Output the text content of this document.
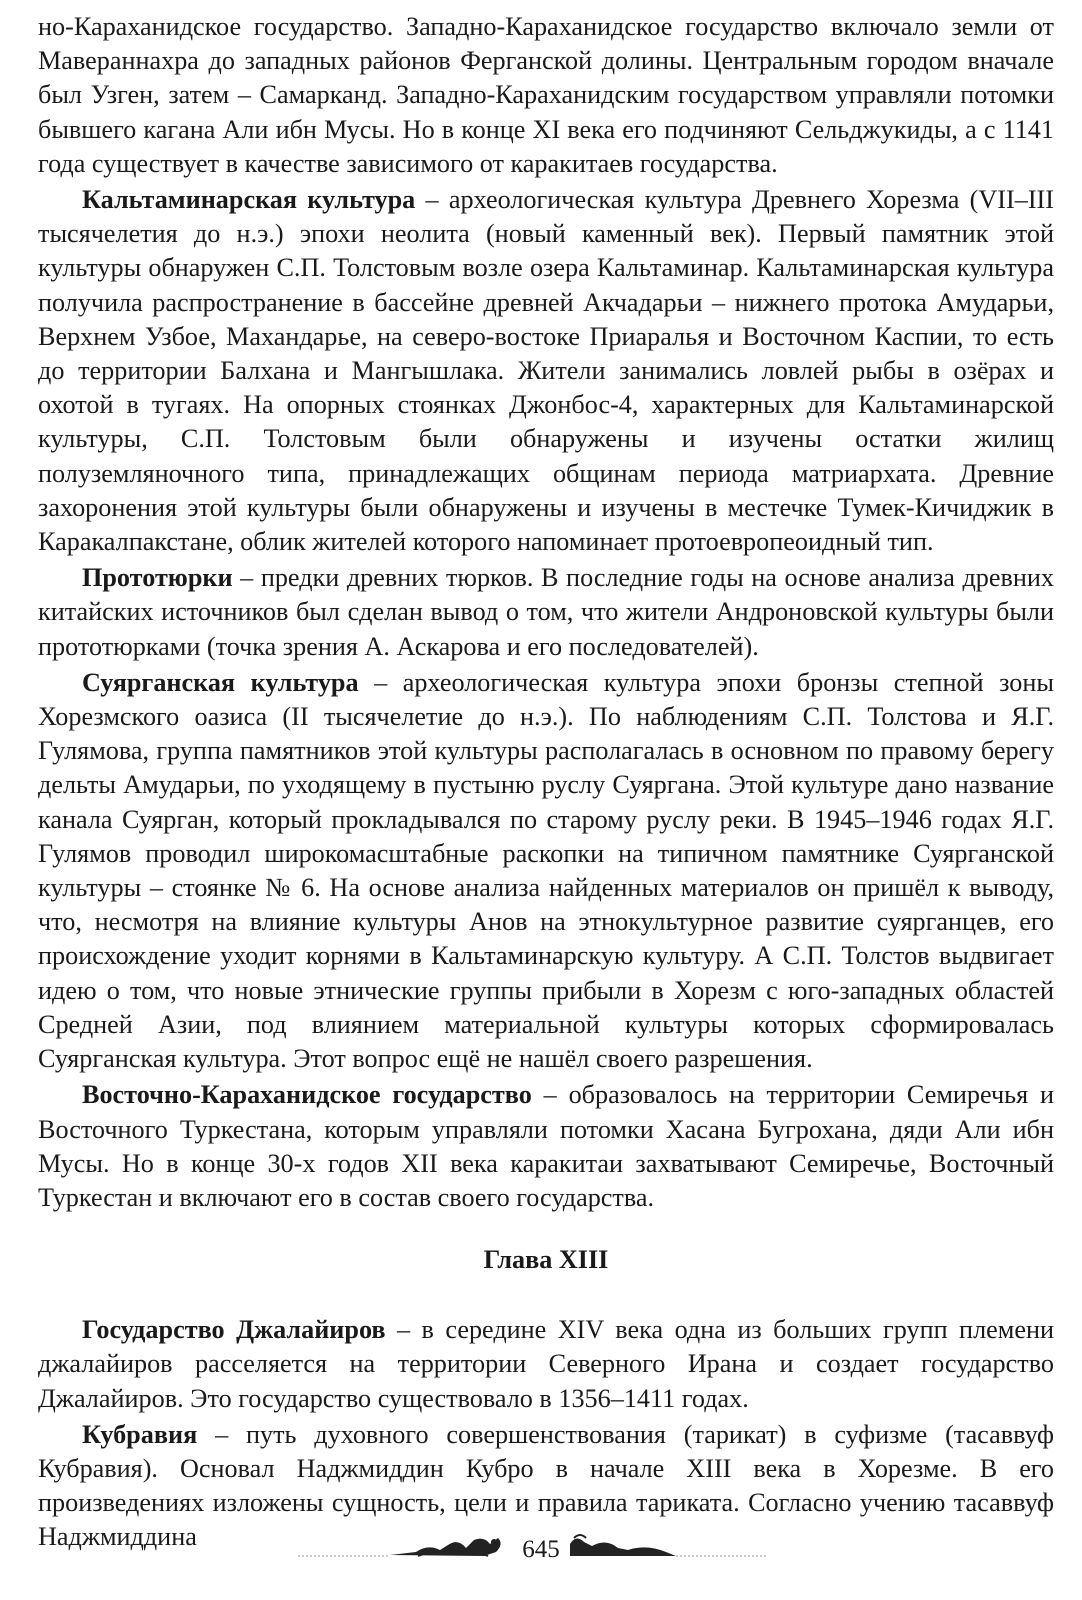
но-Караханидское государство. Западно-Караханидское государство включало земли от Мавераннахра до западных районов Ферганской долины. Центральным городом вначале был Узген, затем – Самарканд. Западно-Караханидским государством управляли потомки бывшего кагана Али ибн Мусы. Но в конце XI века его подчиняют Сельджукиды, а с 1141 года существует в качестве зависимого от каракитаев государства.

Кальтаминарская культура – археологическая культура Древнего Хорезма (VII–III тысячелетия до н.э.) эпохи неолита (новый каменный век). Первый памятник этой культуры обнаружен С.П. Толстовым возле озера Кальтаминар. Кальтаминарская культура получила распространение в бассейне древней Акчадарьи – нижнего протока Амударьи, Верхнем Узбое, Махандарье, на северо-востоке Приаралья и Восточном Каспии, то есть до территории Балхана и Мангышлака. Жители занимались ловлей рыбы в озёрах и охотой в тугаях. На опорных стоянках Джонбос-4, характерных для Кальтаминарской культуры, С.П. Толстовым были обнаружены и изучены остатки жилищ полуземляночного типа, принадлежащих общинам периода матриархата. Древние захоронения этой культуры были обнаружены и изучены в местечке Тумек-Кичиджик в Каракалпакстане, облик жителей которого напоминает протоевропеоидный тип.

Прототюрки – предки древних тюрков. В последние годы на основе анализа древних китайских источников был сделан вывод о том, что жители Андроновской культуры были прототюрками (точка зрения А. Аскарова и его последователей).

Суярганская культура – археологическая культура эпохи бронзы степной зоны Хорезмского оазиса (II тысячелетие до н.э.). По наблюдениям С.П. Толстова и Я.Г. Гулямова, группа памятников этой культуры располагалась в основном по правому берегу дельты Амударьи, по уходящему в пустыню руслу Суяргана. Этой культуре дано название канала Суярган, который прокладывался по старому руслу реки. В 1945–1946 годах Я.Г. Гулямов проводил широкомасштабные раскопки на типичном памятнике Суярганской культуры – стоянке № 6. На основе анализа найденных материалов он пришёл к выводу, что, несмотря на влияние культуры Анов на этнокультурное развитие суярганцев, его происхождение уходит корнями в Кальтаминарскую культуру. А С.П. Толстов выдвигает идею о том, что новые этнические группы прибыли в Хорезм с юго-западных областей Средней Азии, под влиянием материальной культуры которых сформировалась Суярганская культура. Этот вопрос ещё не нашёл своего разрешения.

Восточно-Караханидское государство – образовалось на территории Семиречья и Восточного Туркестана, которым управляли потомки Хасана Бугрохана, дяди Али ибн Мусы. Но в конце 30-х годов XII века каракитаи захватывают Семиречье, Восточный Туркестан и включают его в состав своего государства.

Глава XIII

Государство Джалайиров – в середине XIV века одна из больших групп племени джалайиров расселяется на территории Северного Ирана и создает государство Джалайиров. Это государство существовало в 1356–1411 годах.

Кубравия – путь духовного совершенствования (тарикат) в суфизме (тасаввуф Кубравия). Основал Наджмиддин Кубро в начале XIII века в Хорезме. В его произведениях изложены сущность, цели и правила тариката. Согласно учению тасаввуф Наджмиддина	645
